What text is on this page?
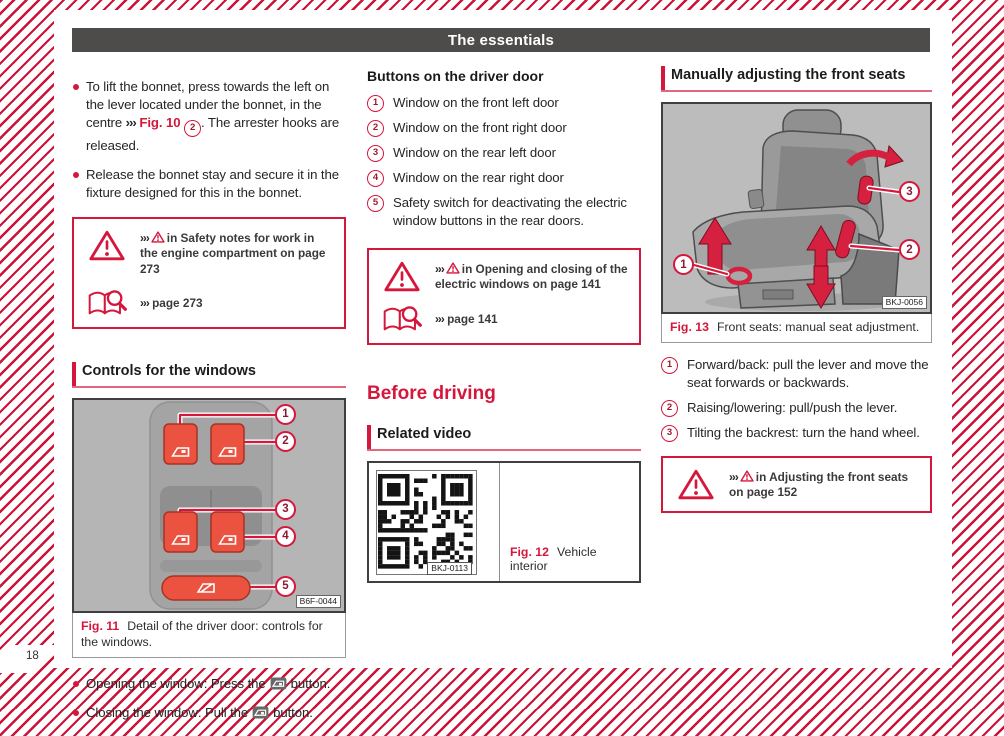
18
The essentials

To lift the bonnet, press towards the left on the lever located under the bonnet, in the centre ››› Fig. 10 2 . The arrester hooks are released.

Release the bonnet stay and secure it in the fixture designed for this in the bonnet.

››› in Safety notes for work in the engine compartment on page 273
››› page 273
Controls for the windows
1
2
3
4
5
B6F-0044
Fig. 11 Detail of the driver door: controls for the windows.

Opening the window: Press the button.

Closing the window: Pull the button.

Buttons on the driver door
1	Window on the front left door
2	Window on the front right door
3	Window on the rear left door
4	Window on the rear right door
5	Safety switch for deactivating the electric window buttons in the rear doors.
››› in Opening and closing of the electric windows on page 141
››› page 141
Before driving
Related video
BKJ-0113
Fig. 12 Vehicle interior
Manually adjusting the front seats
1
2
3
BKJ-0056
Fig. 13 Front seats: manual seat adjustment.
1	Forward/back: pull the lever and move the seat forwards or backwards.
2	Raising/lowering: pull/push the lever.
3	Tilting the backrest: turn the hand wheel.
››› in Adjusting the front seats on page 152
